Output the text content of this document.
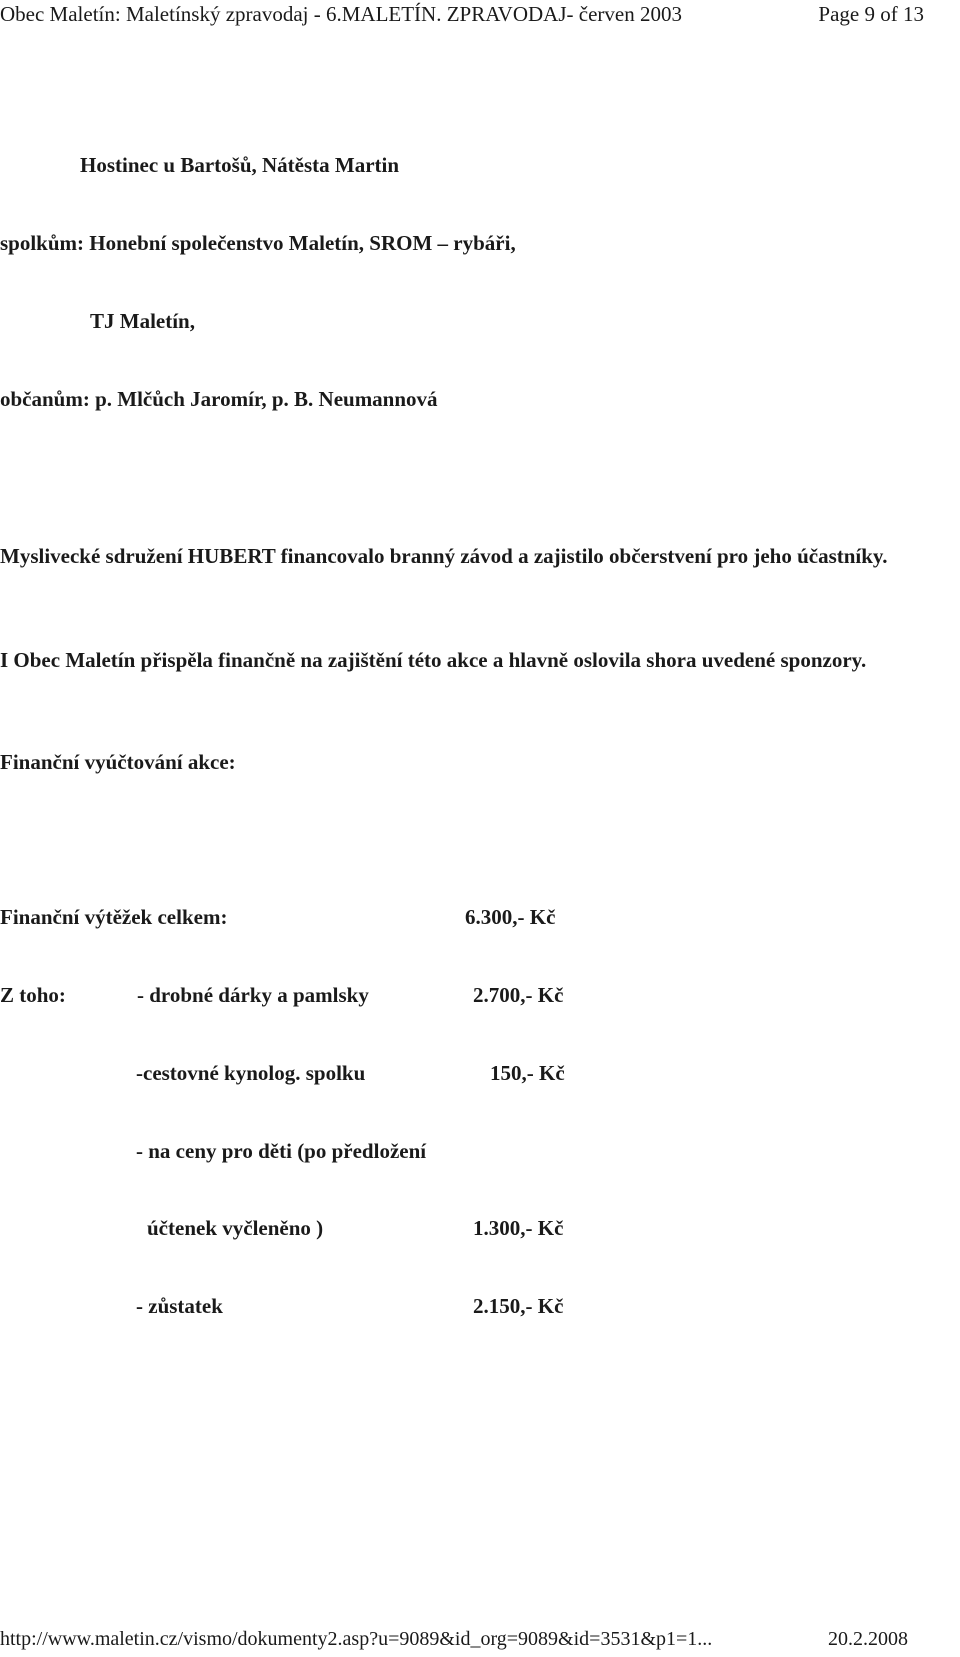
Obec Maletín: Maletínský zpravodaj - 6.MALETÍN. ZPRAVODAJ- červen 2003	Page 9 of 13
Hostinec u Bartošů, Nátěsta Martin
spolkům: Honební společenstvo Maletín, SROM – rybáři,
TJ Maletín,
občanům: p. Mlčůch Jaromír, p. B. Neumannová

Myslivecké sdružení HUBERT financovalo branný závod a zajistilo občerstvení pro jeho účastníky.

I Obec Maletín přispěla finančně na zajištění této akce a hlavně oslovila shora uvedené sponzory.

Finanční vyúčtování akce:
Finanční výtěžek celkem:	6.300,- Kč
Z toho:	- drobné dárky a pamlsky	2.700,- Kč
-cestovné kynolog. spolku	150,- Kč
- na ceny pro děti (po předložení
účtenek vyčleněno )	1.300,- Kč
- zůstatek	2.150,- Kč
http://www.maletin.cz/vismo/dokumenty2.asp?u=9089&id_org=9089&id=3531&p1=1...	20.2.2008
